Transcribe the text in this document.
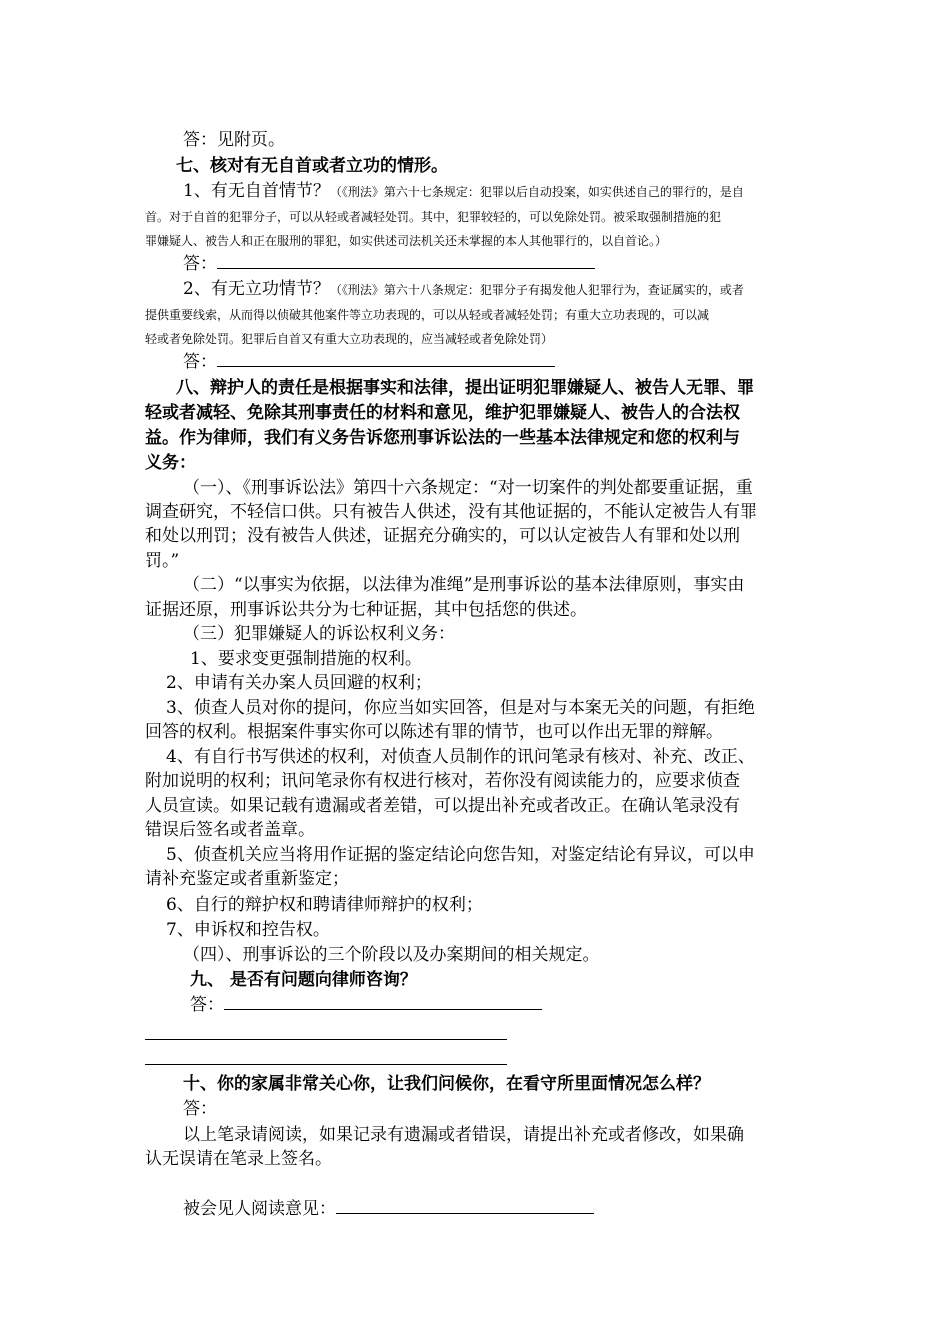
答：见附页。
七、核对有无自首或者立功的情形。
1、有无自首情节？（《刑法》第六十七条规定：犯罪以后自动投案，如实供述自己的罪行的，是自
首。对于自首的犯罪分子，可以从轻或者减轻处罚。其中，犯罪较轻的，可以免除处罚。被采取强制措施的犯
罪嫌疑人、被告人和正在服刑的罪犯，如实供述司法机关还未掌握的本人其他罪行的，以自首论。）
答：
2、有无立功情节？（《刑法》第六十八条规定：犯罪分子有揭发他人犯罪行为，查证属实的，或者
提供重要线索，从而得以侦破其他案件等立功表现的，可以从轻或者减轻处罚；有重大立功表现的，可以减
轻或者免除处罚。犯罪后自首又有重大立功表现的，应当减轻或者免除处罚）
答：
八、辩护人的责任是根据事实和法律，提出证明犯罪嫌疑人、被告人无罪、罪
轻或者减轻、免除其刑事责任的材料和意见，维护犯罪嫌疑人、被告人的合法权
益。作为律师，我们有义务告诉您刑事诉讼法的一些基本法律规定和您的权利与
义务：
（一）、《刑事诉讼法》第四十六条规定：“对一切案件的判处都要重证据，重
调查研究，不轻信口供。只有被告人供述，没有其他证据的，不能认定被告人有罪
和处以刑罚；没有被告人供述，证据充分确实的，可以认定被告人有罪和处以刑
罚。”
（二）“以事实为依据，以法律为准绳”是刑事诉讼的基本法律原则，事实由
证据还原，刑事诉讼共分为七种证据，其中包括您的供述。
（三）犯罪嫌疑人的诉讼权利义务：
1、要求变更强制措施的权利。
2、申请有关办案人员回避的权利；
3、侦查人员对你的提问，你应当如实回答，但是对与本案无关的问题，有拒绝
回答的权利。根据案件事实你可以陈述有罪的情节，也可以作出无罪的辩解。
4、有自行书写供述的权利，对侦查人员制作的讯问笔录有核对、补充、改正、
附加说明的权利；讯问笔录你有权进行核对，若你没有阅读能力的，应要求侦查
人员宣读。如果记载有遗漏或者差错，可以提出补充或者改正。在确认笔录没有
错误后签名或者盖章。
5、侦查机关应当将用作证据的鉴定结论向您告知，对鉴定结论有异议，可以申
请补充鉴定或者重新鉴定；
6、自行的辩护权和聘请律师辩护的权利；
7、申诉权和控告权。
（四）、刑事诉讼的三个阶段以及办案期间的相关规定。
九、 是否有问题向律师咨询？
答：
十、你的家属非常关心你，让我们问候你，在看守所里面情况怎么样？
答：
以上笔录请阅读，如果记录有遗漏或者错误，请提出补充或者修改，如果确
认无误请在笔录上签名。
被会见人阅读意见：
